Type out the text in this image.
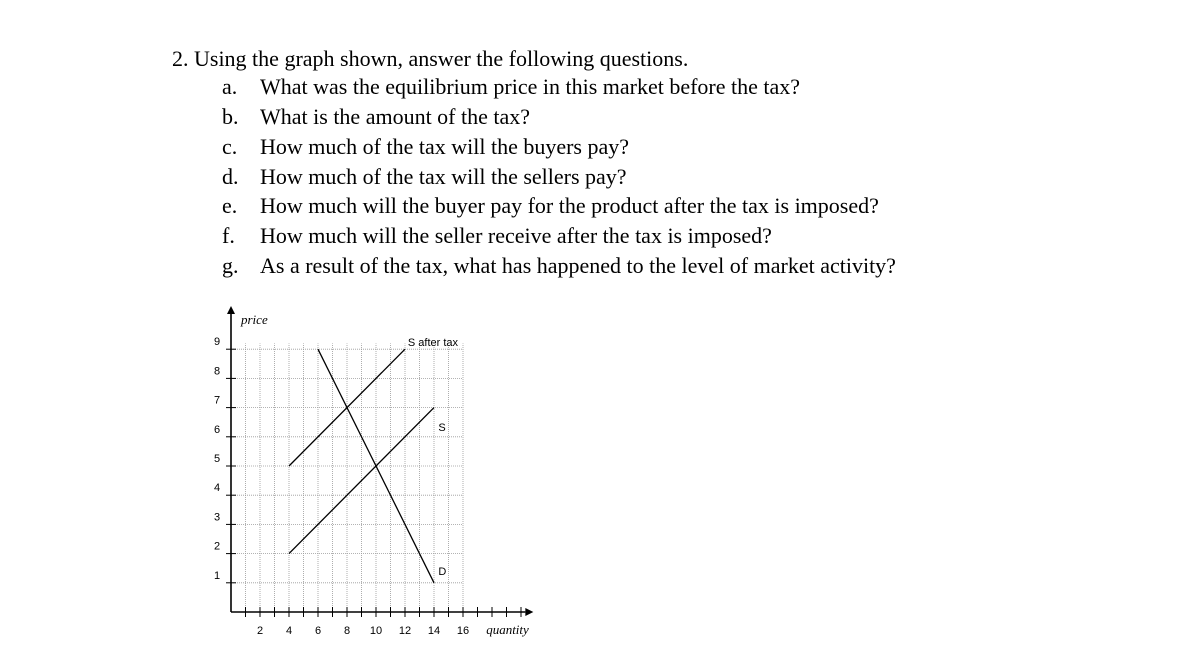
2. Using the graph shown, answer the following questions.
a. What was the equilibrium price in this market before the tax?
b. What is the amount of the tax?
c. How much of the tax will the buyers pay?
d. How much of the tax will the sellers pay?
e. How much will the buyer pay for the product after the tax is imposed?
f. How much will the seller receive after the tax is imposed?
g. As a result of the tax, what has happened to the level of market activity?
2 4 6 8 10 12 14 16
1
2
3
4
5
6
7
8
9
price
quantity
S after tax
S
D
